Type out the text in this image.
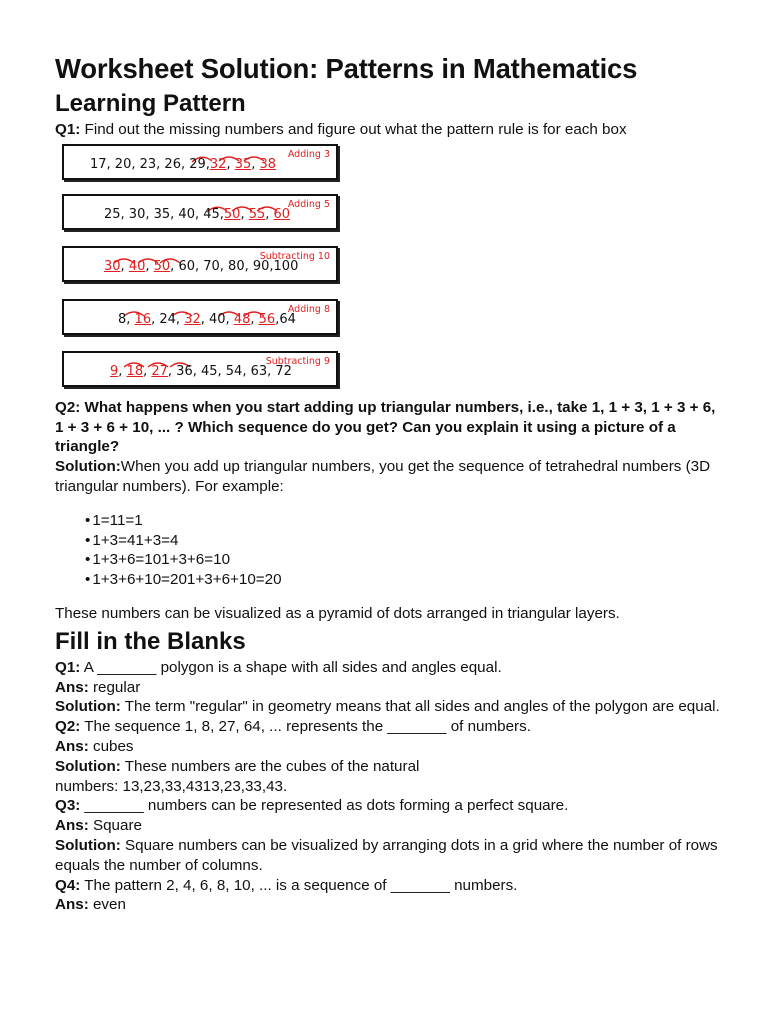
Worksheet Solution: Patterns in Mathematics
Learning Pattern

Q1: Find out the missing numbers and figure out what the pattern rule is for each box

17, 20, 23, 26, 29,32, 35, 38
Adding 3
25, 30, 35, 40, 45,50, 55, 60
Adding 5
30, 40, 50, 60, 70, 80, 90,100
Subtracting 10
8, 16, 24, 32, 40, 48, 56,64
Adding 8
9, 18, 27, 36, 45, 54, 63, 72
Subtracting 9

Q2: What happens when you start adding up triangular numbers, i.e., take 1, 1 + 3, 1 + 3 + 6, 1 + 3 + 6 + 10, ... ? Which sequence do you get? Can you explain it using a picture of a triangle?

Solution:When you add up triangular numbers, you get the sequence of tetrahedral numbers (3D triangular numbers). For example:

• 1=11=1
• 1+3=41+3=4
• 1+3+6=101+3+6=10
• 1+3+6+10=201+3+6+10=20

These numbers can be visualized as a pyramid of dots arranged in triangular layers.

Fill in the Blanks

Q1: A _______ polygon is a shape with all sides and angles equal.

Ans: regular

Solution: The term "regular" in geometry means that all sides and angles of the polygon are equal.

Q2: The sequence 1, 8, 27, 64, ... represents the _______ of numbers.

Ans: cubes

Solution: These numbers are the cubes of the natural numbers: 13,23,33,4313,23,33,43.

Q3: _______ numbers can be represented as dots forming a perfect square.

Ans: Square

Solution: Square numbers can be visualized by arranging dots in a grid where the number of rows equals the number of columns.

Q4: The pattern 2, 4, 6, 8, 10, ... is a sequence of _______ numbers.

Ans: even
